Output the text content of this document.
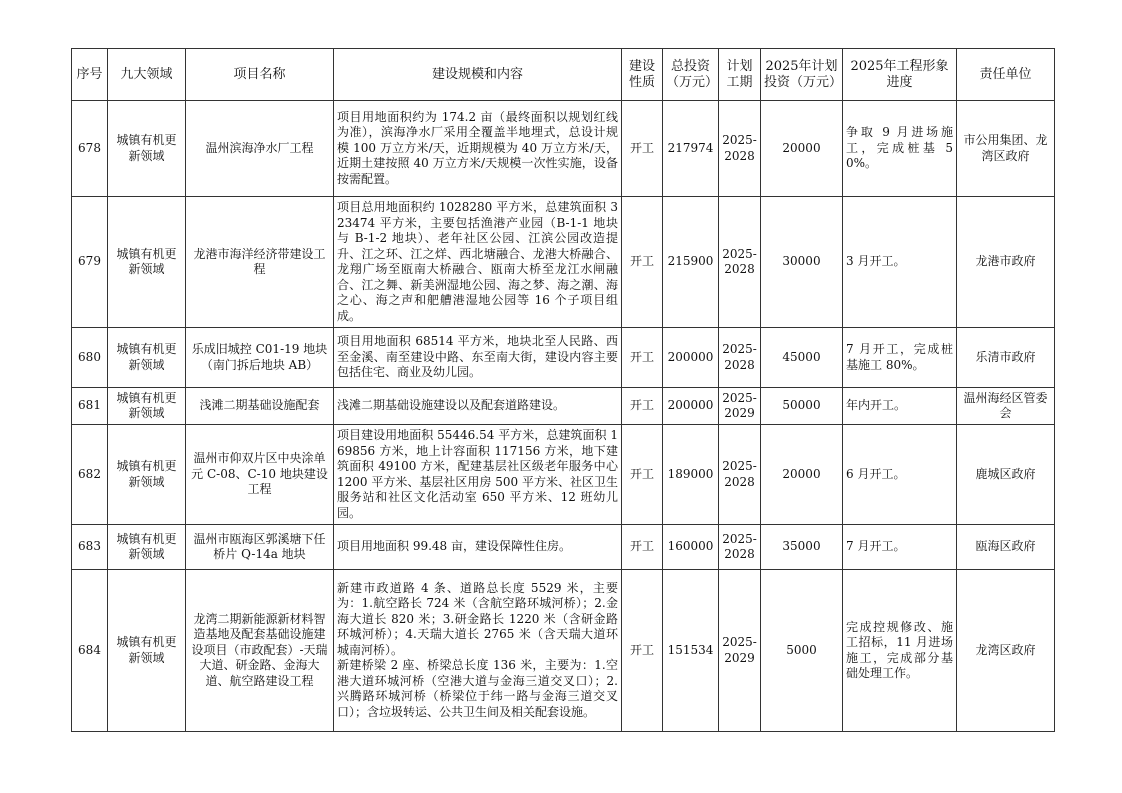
序号	九大领域	项目名称	建设规模和内容	建设性质	总投资（万元）	计划工期	2025年计划投资（万元）	2025年工程形象进度	责任单位
678	城镇有机更新领域	温州滨海净水厂工程	项目用地面积约为 174.2 亩（最终面积以规划红线为准），滨海净水厂采用全覆盖半地埋式，总设计规模 100 万立方米/天，近期规模为 40 万立方米/天，近期土建按照 40 万立方米/天规模一次性实施，设备按需配置。	开工	217974	2025-2028	20000	争取 9 月进场施工，完成桩基 50%。	市公用集团、龙湾区政府
679	城镇有机更新领域	龙港市海洋经济带建设工程	项目总用地面积约 1028280 平方米，总建筑面积 323474 平方米，主要包括渔港产业园（B-1-1 地块与 B-1-2 地块）、老年社区公园、江滨公园改造提升、江之环、江之烊、西北塘融合、龙港大桥融合、龙翔广场至瓯南大桥融合、瓯南大桥至龙江水闸融合、江之舞、新美洲湿地公园、海之梦、海之潮、海之心、海之声和舥艚港湿地公园等 16 个子项目组成。	开工	215900	2025-2028	30000	3 月开工。	龙港市政府
680	城镇有机更新领域	乐成旧城控 C01-19 地块（南门拆后地块 AB）	项目用地面积 68514 平方米，地块北至人民路、西至金溪、南至建设中路、东至南大街，建设内容主要包括住宅、商业及幼儿园。	开工	200000	2025-2028	45000	7 月开工，完成桩基施工 80%。	乐清市政府
681	城镇有机更新领域	浅滩二期基础设施配套	浅滩二期基础设施建设以及配套道路建设。	开工	200000	2025-2029	50000	年内开工。	温州海经区管委会
682	城镇有机更新领域	温州市仰双片区中央涂单元 C-08、C-10 地块建设工程	项目建设用地面积 55446.54 平方米，总建筑面积 169856 方米，地上计容面积 117156 方米，地下建筑面积 49100 方米，配建基层社区级老年服务中心 1200 平方米、基层社区用房 500 平方米、社区卫生服务站和社区文化活动室 650 平方米、12 班幼儿园。	开工	189000	2025-2028	20000	6 月开工。	鹿城区政府
683	城镇有机更新领域	温州市瓯海区郭溪塘下任桥片 Q-14a 地块	项目用地面积 99.48 亩，建设保障性住房。	开工	160000	2025-2028	35000	7 月开工。	瓯海区政府
684	城镇有机更新领域	龙湾二期新能源新材料智造基地及配套基础设施建设项目（市政配套）-天瑞大道、研金路、金海大道、航空路建设工程	新建市政道路 4 条、道路总长度 5529 米，主要为：1.航空路长 724 米（含航空路环城河桥）；2.金海大道长 820 米；3.研金路长 1220 米（含研金路环城河桥）；4.天瑞大道长 2765 米（含天瑞大道环城南河桥）。
新建桥梁 2 座、桥梁总长度 136 米，主要为：1.空港大道环城河桥（空港大道与金海三道交叉口）；2.兴腾路环城河桥（桥梁位于纬一路与金海三道交叉口）；含垃圾转运、公共卫生间及相关配套设施。	开工	151534	2025-2029	5000	完成控规修改、施工招标，11 月进场施工，完成部分基础处理工作。	龙湾区政府
